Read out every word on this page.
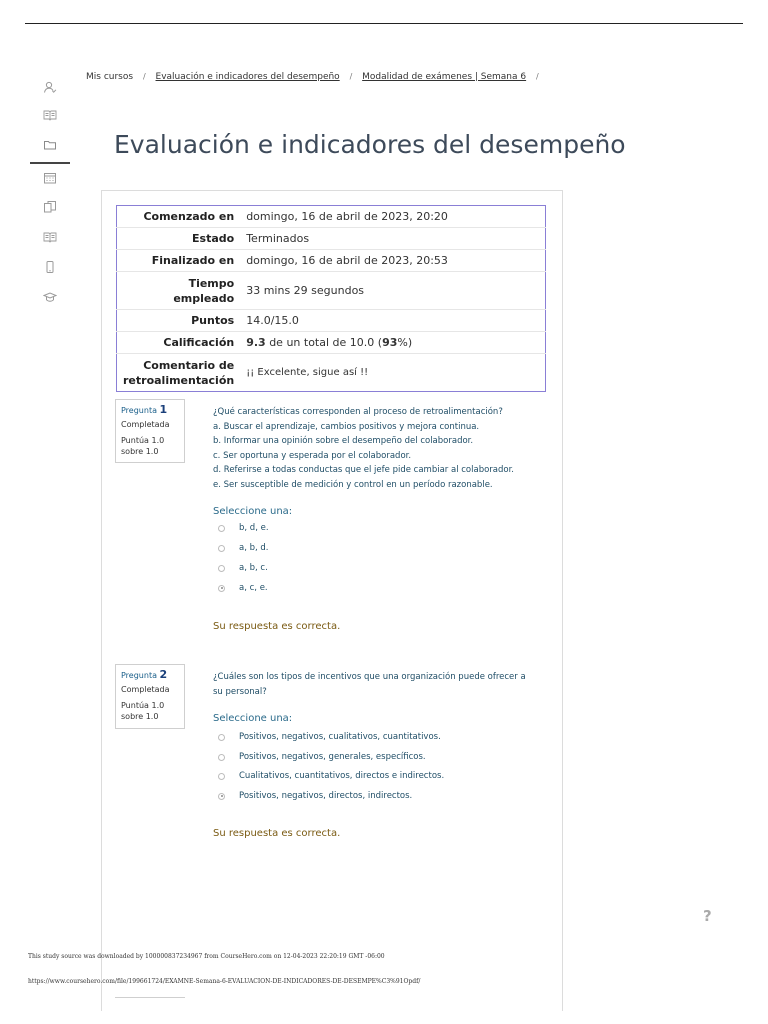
Mis cursos / Evaluación e indicadores del desempeño / Modalidad de exámenes | Semana 6 /
Evaluación e indicadores del desempeño
Comenzado en	domingo, 16 de abril de 2023, 20:20
Estado	Terminados
Finalizado en	domingo, 16 de abril de 2023, 20:53

Tiempo
empleado	33 mins 29 segundos
Puntos	14.0/15.0
Calificación	9.3 de un total de 10.0 (93%)

Comentario de
retroalimentación	¡¡ Excelente, sigue así !!
Pregunta 1
Completada
Puntúa 1.0
sobre 1.0
¿Qué características corresponden al proceso de retroalimentación?
a. Buscar el aprendizaje, cambios positivos y mejora continua.
b. Informar una opinión sobre el desempeño del colaborador.
c. Ser oportuna y esperada por el colaborador.
d. Referirse a todas conductas que el jefe pide cambiar al colaborador.
e. Ser susceptible de medición y control en un período razonable.
Seleccione una:
b, d, e.
a, b, d.
a, b, c.
a, c, e.
Su respuesta es correcta.
Pregunta 2
Completada
Puntúa 1.0
sobre 1.0
¿Cuáles son los tipos de incentivos que una organización puede ofrecer a
su personal?
Seleccione una:
Positivos, negativos, cualitativos, cuantitativos.
Positivos, negativos, generales, específicos.
Cualitativos, cuantitativos, directos e indirectos.
Positivos, negativos, directos, indirectos.
Su respuesta es correcta.
?
This study source was downloaded by 100000837234967 from CourseHero.com on 12-04-2023 22:20:19 GMT -06:00
https://www.coursehero.com/file/199661724/EXAMNE-Semana-6-EVALUACION-DE-INDICADORES-DE-DESEMPE%C3%91Opdf/
